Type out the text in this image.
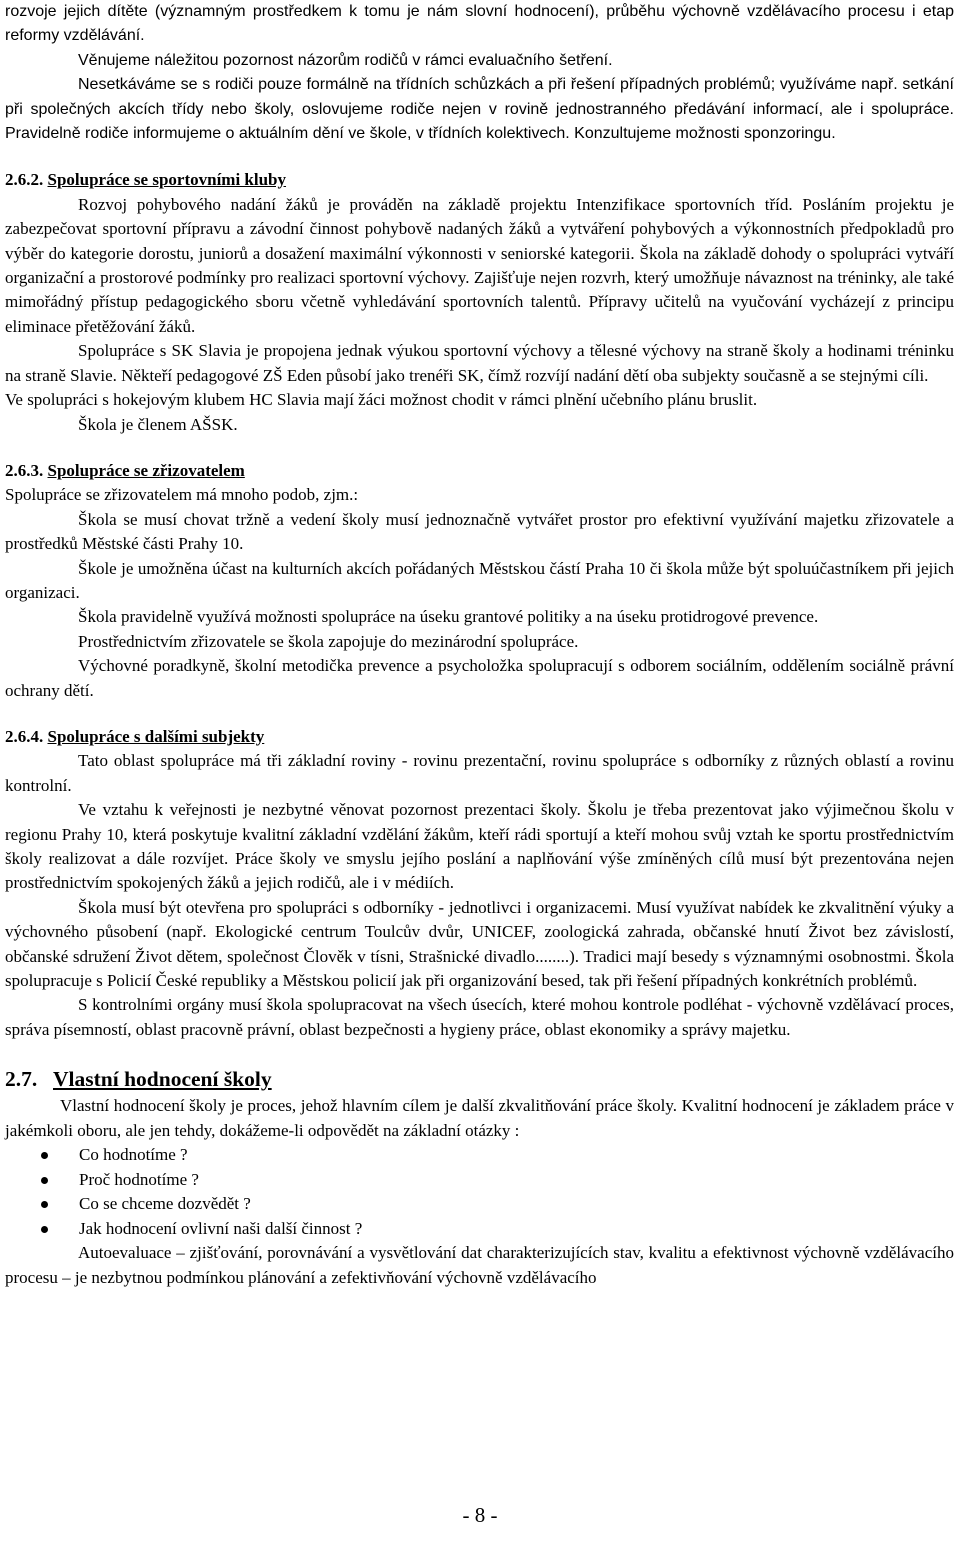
rozvoje jejich dítěte (významným prostředkem k tomu je nám slovní hodnocení), průběhu výchovně vzdělávacího procesu i etap reformy vzdělávání.

Věnujeme náležitou pozornost názorům rodičů v rámci evaluačního šetření.

Nesetkáváme se s rodiči pouze formálně na třídních schůzkách a při řešení případných problémů; využíváme např. setkání při společných akcích třídy nebo školy, oslovujeme rodiče nejen v rovině jednostranného předávání informací, ale i spolupráce. Pravidelně rodiče informujeme o aktuálním dění ve škole, v třídních kolektivech. Konzultujeme možnosti sponzoringu.

2.6.2. Spolupráce se sportovními kluby

Rozvoj pohybového nadání žáků je prováděn na základě projektu Intenzifikace sportovních tříd. Posláním projektu je zabezpečovat sportovní přípravu a závodní činnost pohybově nadaných žáků a vytváření pohybových a výkonnostních předpokladů pro výběr do kategorie dorostu, juniorů a dosažení maximální výkonnosti v seniorské kategorii. Škola na základě dohody o spolupráci vytváří organizační a prostorové podmínky pro realizaci sportovní výchovy. Zajišťuje nejen rozvrh, který umožňuje návaznost na tréninky, ale také mimořádný přístup pedagogického sboru včetně vyhledávání sportovních talentů. Přípravy učitelů na vyučování vycházejí z principu eliminace přetěžování žáků.

Spolupráce s SK Slavia je propojena jednak výukou sportovní výchovy a tělesné výchovy na straně školy a hodinami tréninku na straně Slavie. Někteří pedagogové ZŠ Eden působí jako trenéři SK, čímž rozvíjí nadání dětí oba subjekty současně a se stejnými cíli.

Ve spolupráci s hokejovým klubem HC Slavia mají žáci možnost chodit v rámci plnění učebního plánu bruslit.

Škola je členem AŠSK.

2.6.3. Spolupráce se zřizovatelem

Spolupráce se zřizovatelem má mnoho podob, zjm.:

Škola se musí chovat tržně a vedení školy musí jednoznačně vytvářet prostor pro efektivní využívání majetku zřizovatele a prostředků Městské části Prahy 10.

Škole je umožněna účast na kulturních akcích pořádaných Městskou částí Praha 10 či škola může být spoluúčastníkem při jejich organizaci.

Škola pravidelně využívá možnosti spolupráce na úseku grantové politiky a na úseku protidrogové prevence.

Prostřednictvím zřizovatele se škola zapojuje do mezinárodní spolupráce.

Výchovné poradkyně, školní metodička prevence a psycholožka spolupracují s odborem sociálním, oddělením sociálně právní ochrany dětí.

2.6.4. Spolupráce s dalšími subjekty

Tato oblast spolupráce má tři základní roviny - rovinu prezentační, rovinu spolupráce s odborníky z různých oblastí a rovinu kontrolní.

Ve vztahu k veřejnosti je nezbytné věnovat pozornost prezentaci školy. Školu je třeba prezentovat jako výjimečnou školu v regionu Prahy 10, která poskytuje kvalitní základní vzdělání žákům, kteří rádi sportují a kteří mohou svůj vztah ke sportu prostřednictvím školy realizovat a dále rozvíjet. Práce školy ve smyslu jejího poslání a naplňování výše zmíněných cílů musí být prezentována nejen prostřednictvím spokojených žáků a jejich rodičů, ale i v médiích.

Škola musí být otevřena pro spolupráci s odborníky - jednotlivci i organizacemi. Musí využívat nabídek ke zkvalitnění výuky a výchovného působení (např. Ekologické centrum Toulcův dvůr, UNICEF, zoologická zahrada, občanské hnutí Život bez závislostí, občanské sdružení Život dětem, společnost Člověk v tísni, Strašnické divadlo........). Tradici mají besedy s významnými osobnostmi. Škola spolupracuje s Policií České republiky a Městskou policií jak při organizování besed, tak při řešení případných konkrétních problémů.

S kontrolními orgány musí škola spolupracovat na všech úsecích, které mohou kontrole podléhat - výchovně vzdělávací proces, správa písemností, oblast pracovně právní, oblast bezpečnosti a hygieny práce, oblast ekonomiky a správy majetku.

2.7. Vlastní hodnocení školy

Vlastní hodnocení školy je proces, jehož hlavním cílem je další zkvalitňování práce školy. Kvalitní hodnocení je základem práce v jakémkoli oboru, ale jen tehdy, dokážeme-li odpovědět na základní otázky :

Co hodnotíme ?
Proč hodnotíme ?
Co se chceme dozvědět ?
Jak hodnocení ovlivní naši další činnost ?

Autoevaluace – zjišťování, porovnávání a vysvětlování dat charakterizujících stav, kvalitu a efektivnost výchovně vzdělávacího procesu – je nezbytnou podmínkou plánování a zefektivňování výchovně vzdělávacího

- 8 -
